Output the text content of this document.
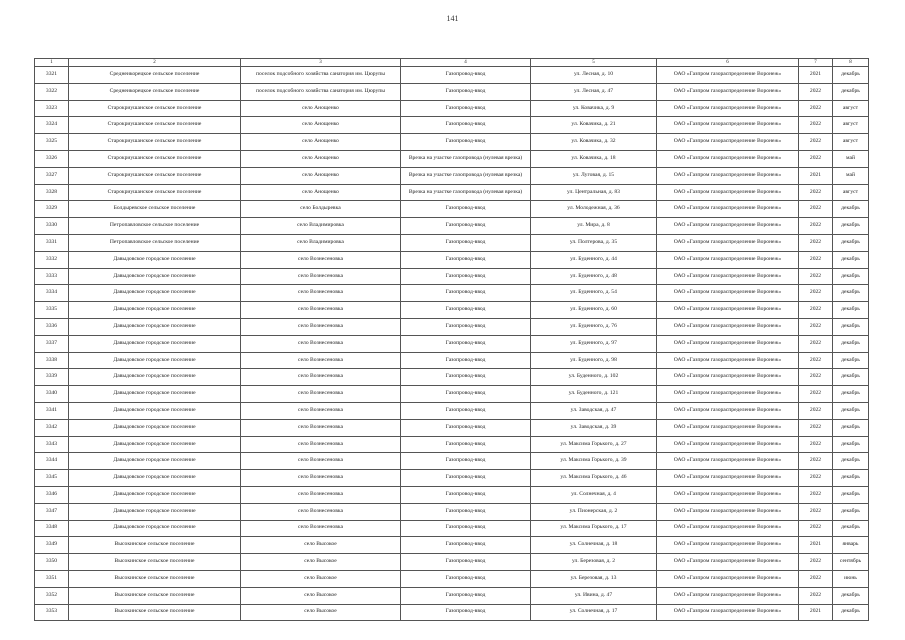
141
1	2	3	4	5	6	7	8
3321	Среднеикорецкое сельское поселение	поселок подсобного хозяйства санатория им. Цюрупы	Газопровод-ввод	ул. Лесная, д. 10	ОАО «Газпром газораспределение Воронеж»	2021	декабрь
3322	Среднеикорецкое сельское поселение	поселок подсобного хозяйства санатория им. Цюрупы	Газопровод-ввод	ул. Лесная, д. 47	ОАО «Газпром газораспределение Воронеж»	2022	декабрь
3323	Старокриушанское сельское поселение	село Анощенко	Газопровод-ввод	ул. Ковачика, д. 9	ОАО «Газпром газораспределение Воронеж»	2022	август
3324	Старокриушанское сельское поселение	село Анощенко	Газопровод-ввод	ул. Ковачика, д. 21	ОАО «Газпром газораспределение Воронеж»	2022	август
3325	Старокриушанское сельское поселение	село Анощенко	Газопровод-ввод	ул. Ковачика, д. 32	ОАО «Газпром газораспределение Воронеж»	2022	август
3326	Старокриушанское сельское поселение	село Анощенко	Врезка на участке газопровода (нулевая врезка)	ул. Ковачика, д. 18	ОАО «Газпром газораспределение Воронеж»	2022	май
3327	Старокриушанское сельское поселение	село Анощенко	Врезка на участке газопровода (нулевая врезка)	ул. Луговая, д. 15	ОАО «Газпром газораспределение Воронеж»	2021	май
3328	Старокриушанское сельское поселение	село Анощенко	Врезка на участке газопровода (нулевая врезка)	ул. Центральная, д. 83	ОАО «Газпром газораспределение Воронеж»	2022	август
3329	Болдыревское сельское поселение	село Болдыревка	Газопровод-ввод	ул. Молодежная, д. 36	ОАО «Газпром газораспределение Воронеж»	2022	декабрь
3330	Петропавловское сельское поселение	село Владимировка	Газопровод-ввод	ул. Мира, д. 8	ОАО «Газпром газораспределение Воронеж»	2022	декабрь
3331	Петропавловское сельское поселение	село Владимировка	Газопровод-ввод	ул. Полтерова, д. 35	ОАО «Газпром газораспределение Воронеж»	2022	декабрь
3332	Давыдовское городское поселение	село Вознесеновка	Газопровод-ввод	ул. Буденного, д. 44	ОАО «Газпром газораспределение Воронеж»	2022	декабрь
3333	Давыдовское городское поселение	село Вознесеновка	Газопровод-ввод	ул. Буденного, д. 48	ОАО «Газпром газораспределение Воронеж»	2022	декабрь
3334	Давыдовское городское поселение	село Вознесеновка	Газопровод-ввод	ул. Буденного, д. 54	ОАО «Газпром газораспределение Воронеж»	2022	декабрь
3335	Давыдовское городское поселение	село Вознесеновка	Газопровод-ввод	ул. Буденного, д. 60	ОАО «Газпром газораспределение Воронеж»	2022	декабрь
3336	Давыдовское городское поселение	село Вознесеновка	Газопровод-ввод	ул. Буденного, д. 76	ОАО «Газпром газораспределение Воронеж»	2022	декабрь
3337	Давыдовское городское поселение	село Вознесеновка	Газопровод-ввод	ул. Буденного, д. 97	ОАО «Газпром газораспределение Воронеж»	2022	декабрь
3338	Давыдовское городское поселение	село Вознесеновка	Газопровод-ввод	ул. Буденного, д. 98	ОАО «Газпром газораспределение Воронеж»	2022	декабрь
3339	Давыдовское городское поселение	село Вознесеновка	Газопровод-ввод	ул. Буденного, д. 102	ОАО «Газпром газораспределение Воронеж»	2022	декабрь
3340	Давыдовское городское поселение	село Вознесеновка	Газопровод-ввод	ул. Буденного, д. 121	ОАО «Газпром газораспределение Воронеж»	2022	декабрь
3341	Давыдовское городское поселение	село Вознесеновка	Газопровод-ввод	ул. Заводская, д. 47	ОАО «Газпром газораспределение Воронеж»	2022	декабрь
3342	Давыдовское городское поселение	село Вознесеновка	Газопровод-ввод	ул. Заводская, д. 39	ОАО «Газпром газораспределение Воронеж»	2022	декабрь
3343	Давыдовское городское поселение	село Вознесеновка	Газопровод-ввод	ул. Максима Горького, д. 27	ОАО «Газпром газораспределение Воронеж»	2022	декабрь
3344	Давыдовское городское поселение	село Вознесеновка	Газопровод-ввод	ул. Максима Горького, д. 39	ОАО «Газпром газораспределение Воронеж»	2022	декабрь
3345	Давыдовское городское поселение	село Вознесеновка	Газопровод-ввод	ул. Максима Горького, д. 46	ОАО «Газпром газораспределение Воронеж»	2022	декабрь
3346	Давыдовское городское поселение	село Вознесеновка	Газопровод-ввод	ул. Солнечная, д. 4	ОАО «Газпром газораспределение Воронеж»	2022	декабрь
3347	Давыдовское городское поселение	село Вознесеновка	Газопровод-ввод	ул. Пионерская, д. 2	ОАО «Газпром газораспределение Воронеж»	2022	декабрь
3348	Давыдовское городское поселение	село Вознесеновка	Газопровод-ввод	ул. Максима Горького, д. 17	ОАО «Газпром газораспределение Воронеж»	2022	декабрь
3349	Высокинское сельское поселение	село Высокое	Газопровод-ввод	ул. Солнечная, д. 18	ОАО «Газпром газораспределение Воронеж»	2021	январь
3350	Высокинское сельское поселение	село Высокое	Газопровод-ввод	ул. Березовая, д. 2	ОАО «Газпром газораспределение Воронеж»	2022	сентябрь
3351	Высокинское сельское поселение	село Высокое	Газопровод-ввод	ул. Березовая, д. 13	ОАО «Газпром газораспределение Воронеж»	2022	июнь
3352	Высокинское сельское поселение	село Высокое	Газопровод-ввод	ул. Ивина, д. 47	ОАО «Газпром газораспределение Воронеж»	2022	декабрь
3353	Высокинское сельское поселение	село Высокое	Газопровод-ввод	ул. Солнечная, д. 17	ОАО «Газпром газораспределение Воронеж»	2021	декабрь
